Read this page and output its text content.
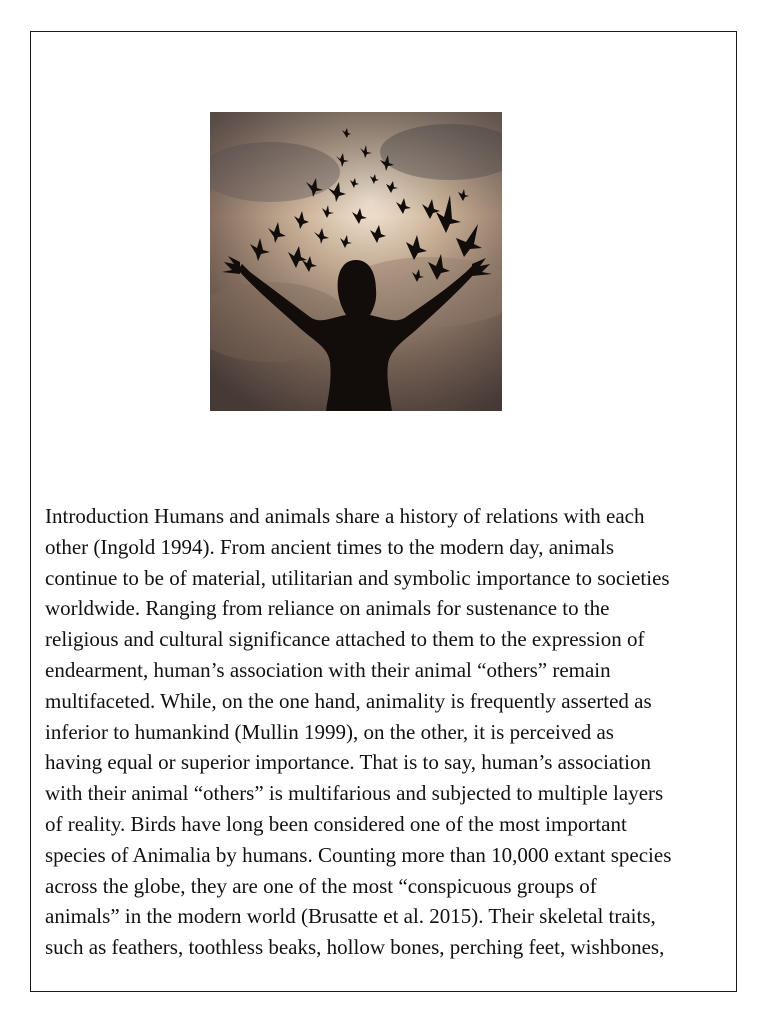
Introduction Humans and animals share a history of relations with each
other (Ingold 1994). From ancient times to the modern day, animals
continue to be of material, utilitarian and symbolic importance to societies
worldwide. Ranging from reliance on animals for sustenance to the
religious and cultural significance attached to them to the expression of
endearment, human’s association with their animal “others” remain
multifaceted. While, on the one hand, animality is frequently asserted as
inferior to humankind (Mullin 1999), on the other, it is perceived as
having equal or superior importance. That is to say, human’s association
with their animal “others” is multifarious and subjected to multiple layers
of reality. Birds have long been considered one of the most important
species of Animalia by humans. Counting more than 10,000 extant species
across the globe, they are one of the most “conspicuous groups of
animals” in the modern world (Brusatte et al. 2015). Their skeletal traits,
such as feathers, toothless beaks, hollow bones, perching feet, wishbones,
